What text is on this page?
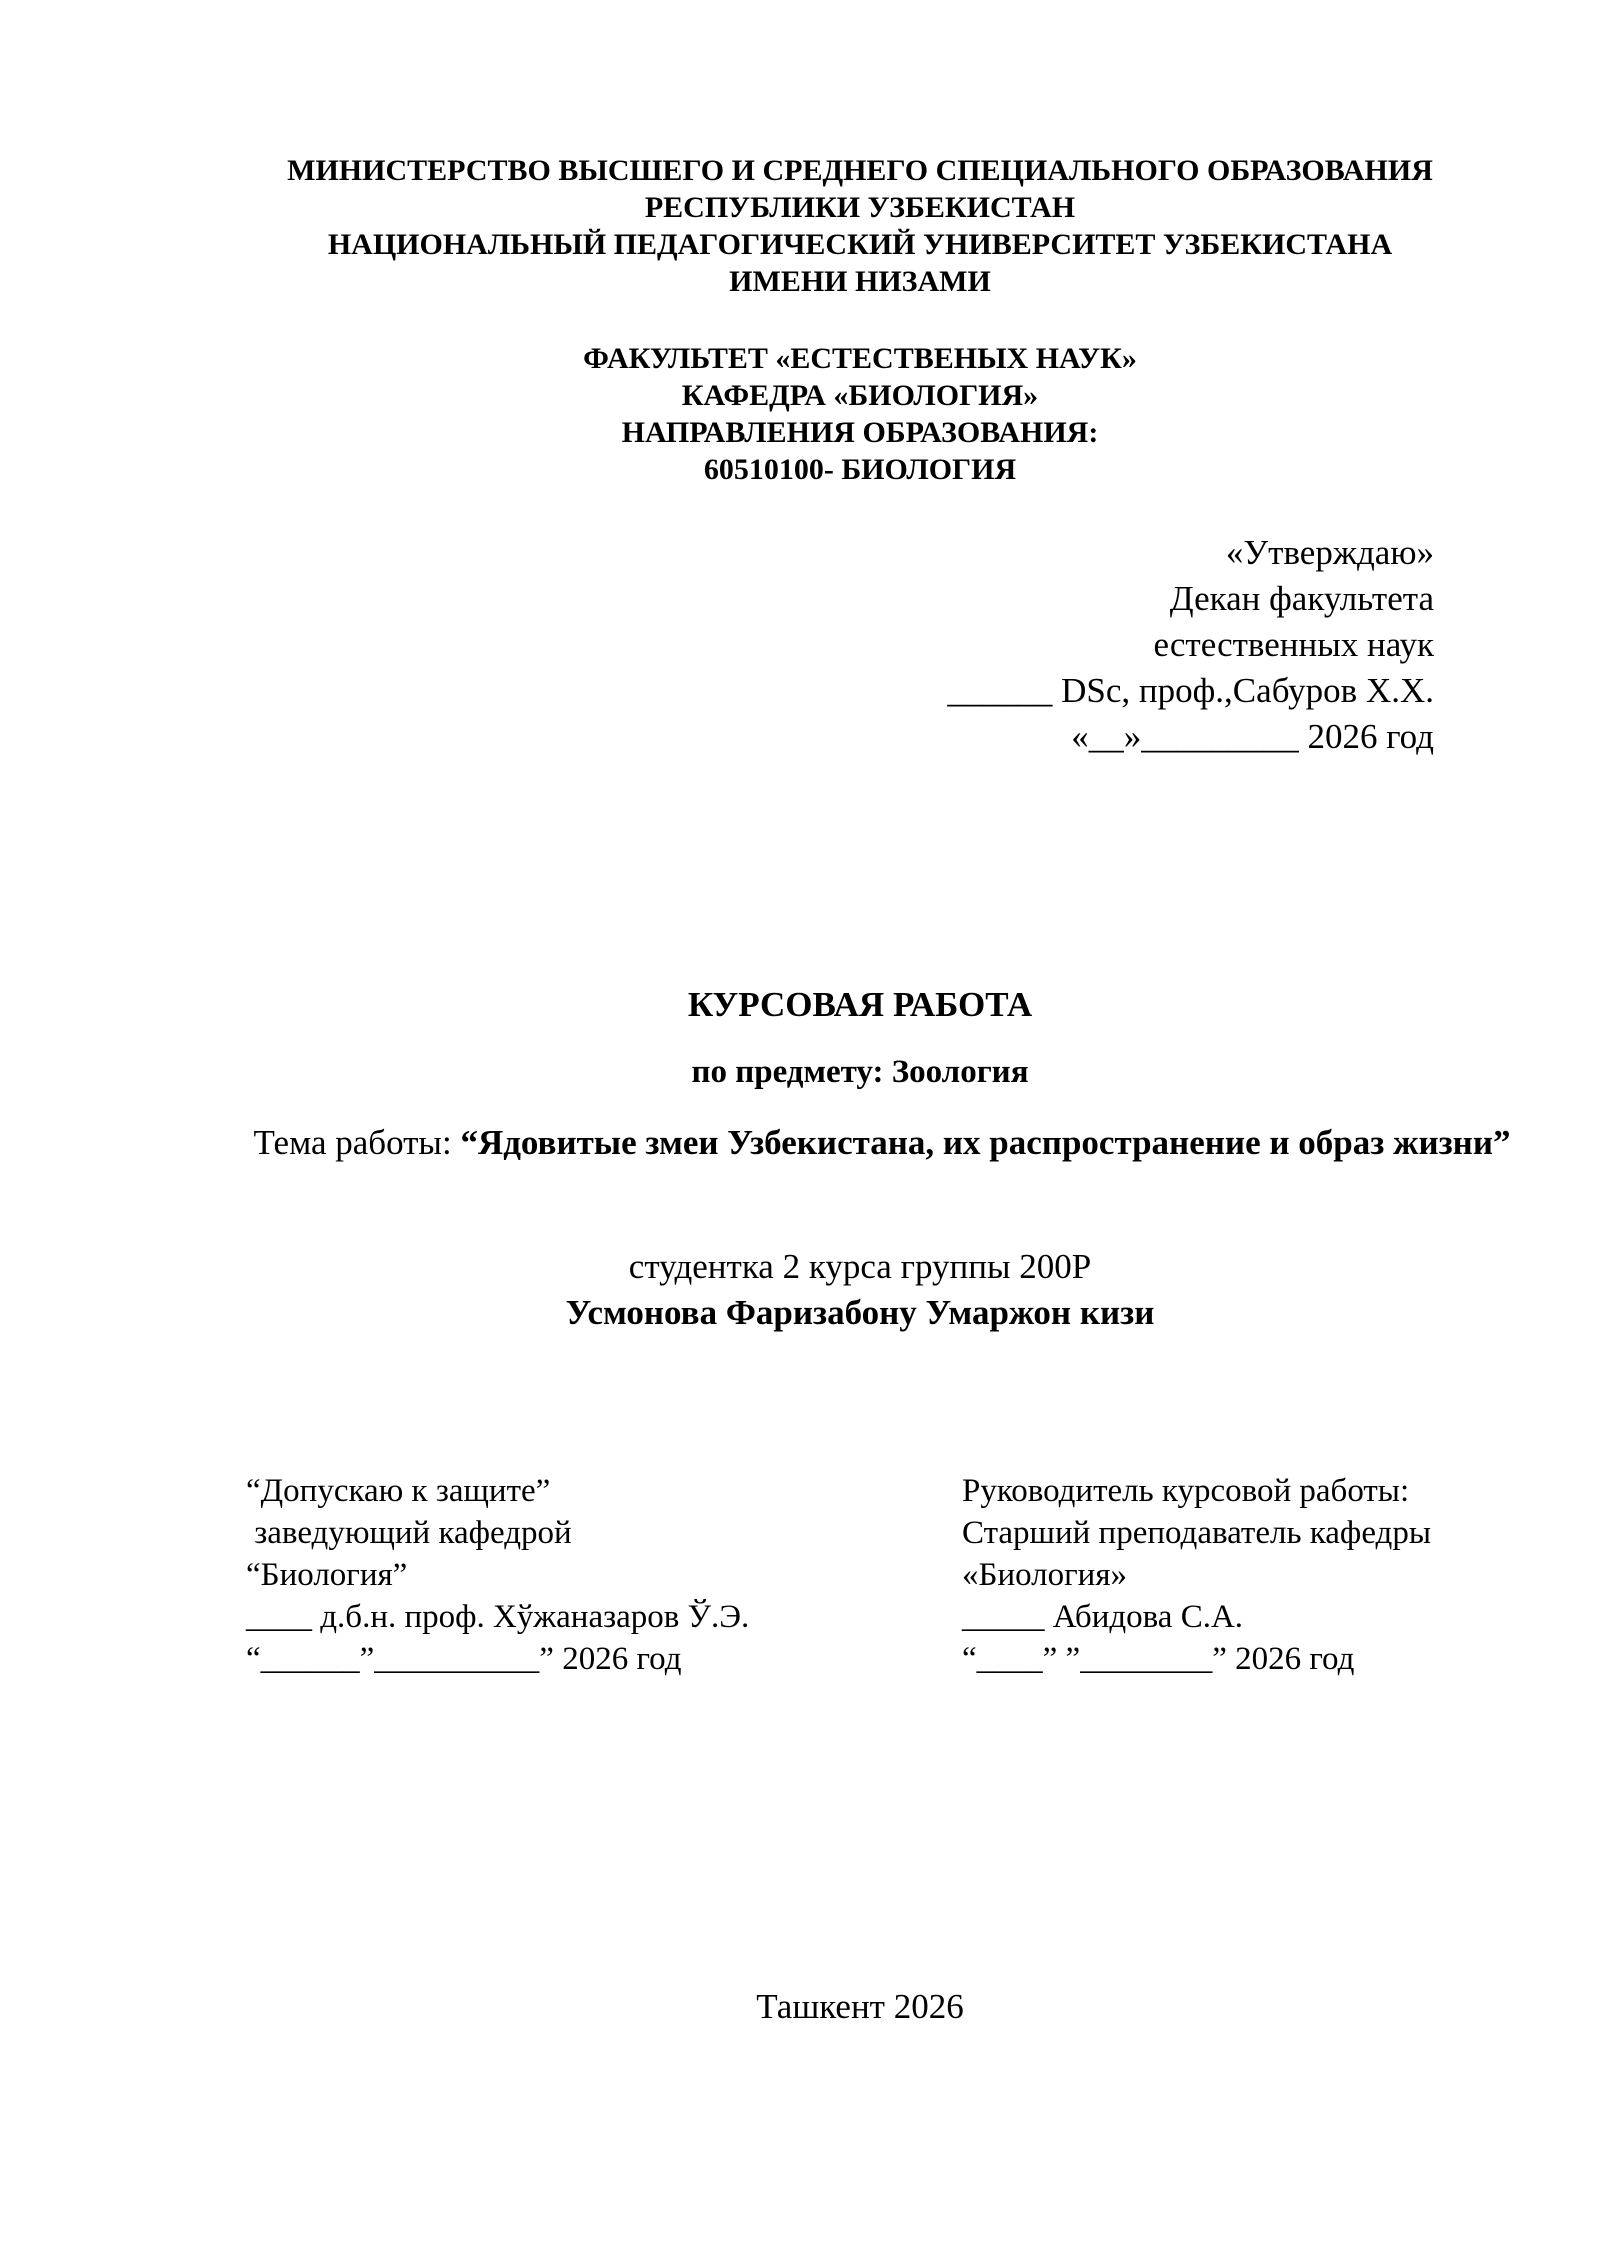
МИНИСТЕРСТВО ВЫСШЕГО И СРЕДНЕГО СПЕЦИАЛЬНОГО ОБРАЗОВАНИЯ
РЕСПУБЛИКИ УЗБЕКИСТАН
НАЦИОНАЛЬНЫЙ ПЕДАГОГИЧЕСКИЙ УНИВЕРСИТЕТ УЗБЕКИСТАНА
ИМЕНИ НИЗАМИ
ФАКУЛЬТЕТ «ЕСТЕСТВЕНЫХ НАУК»
КАФЕДРА «БИОЛОГИЯ»
НАПРАВЛЕНИЯ ОБРАЗОВАНИЯ:
60510100- БИОЛОГИЯ
«Утверждаю»
Декан факультета
естественных наук
______ DSc, проф.,Сабуров Х.Х.
«__»_________ 2026 год
КУРСОВАЯ РАБОТА
по предмету: Зоология
Тема работы: “Ядовитые змеи Узбекистана, их распространение и образ жизни”
студентка 2 курса группы 200Р
Усмонова Фаризабону Умаржон кизи
“Допускаю к защите”
заведующий кафедрой
“Биология”
____ д.б.н. проф. Хўжаназаров Ў.Э.
“______”__________” 2026 год
Руководитель курсовой работы:
Старший преподаватель кафедры
«Биология»
_____ Абидова С.А.
“____” ”________” 2026 год
Ташкент 2026
